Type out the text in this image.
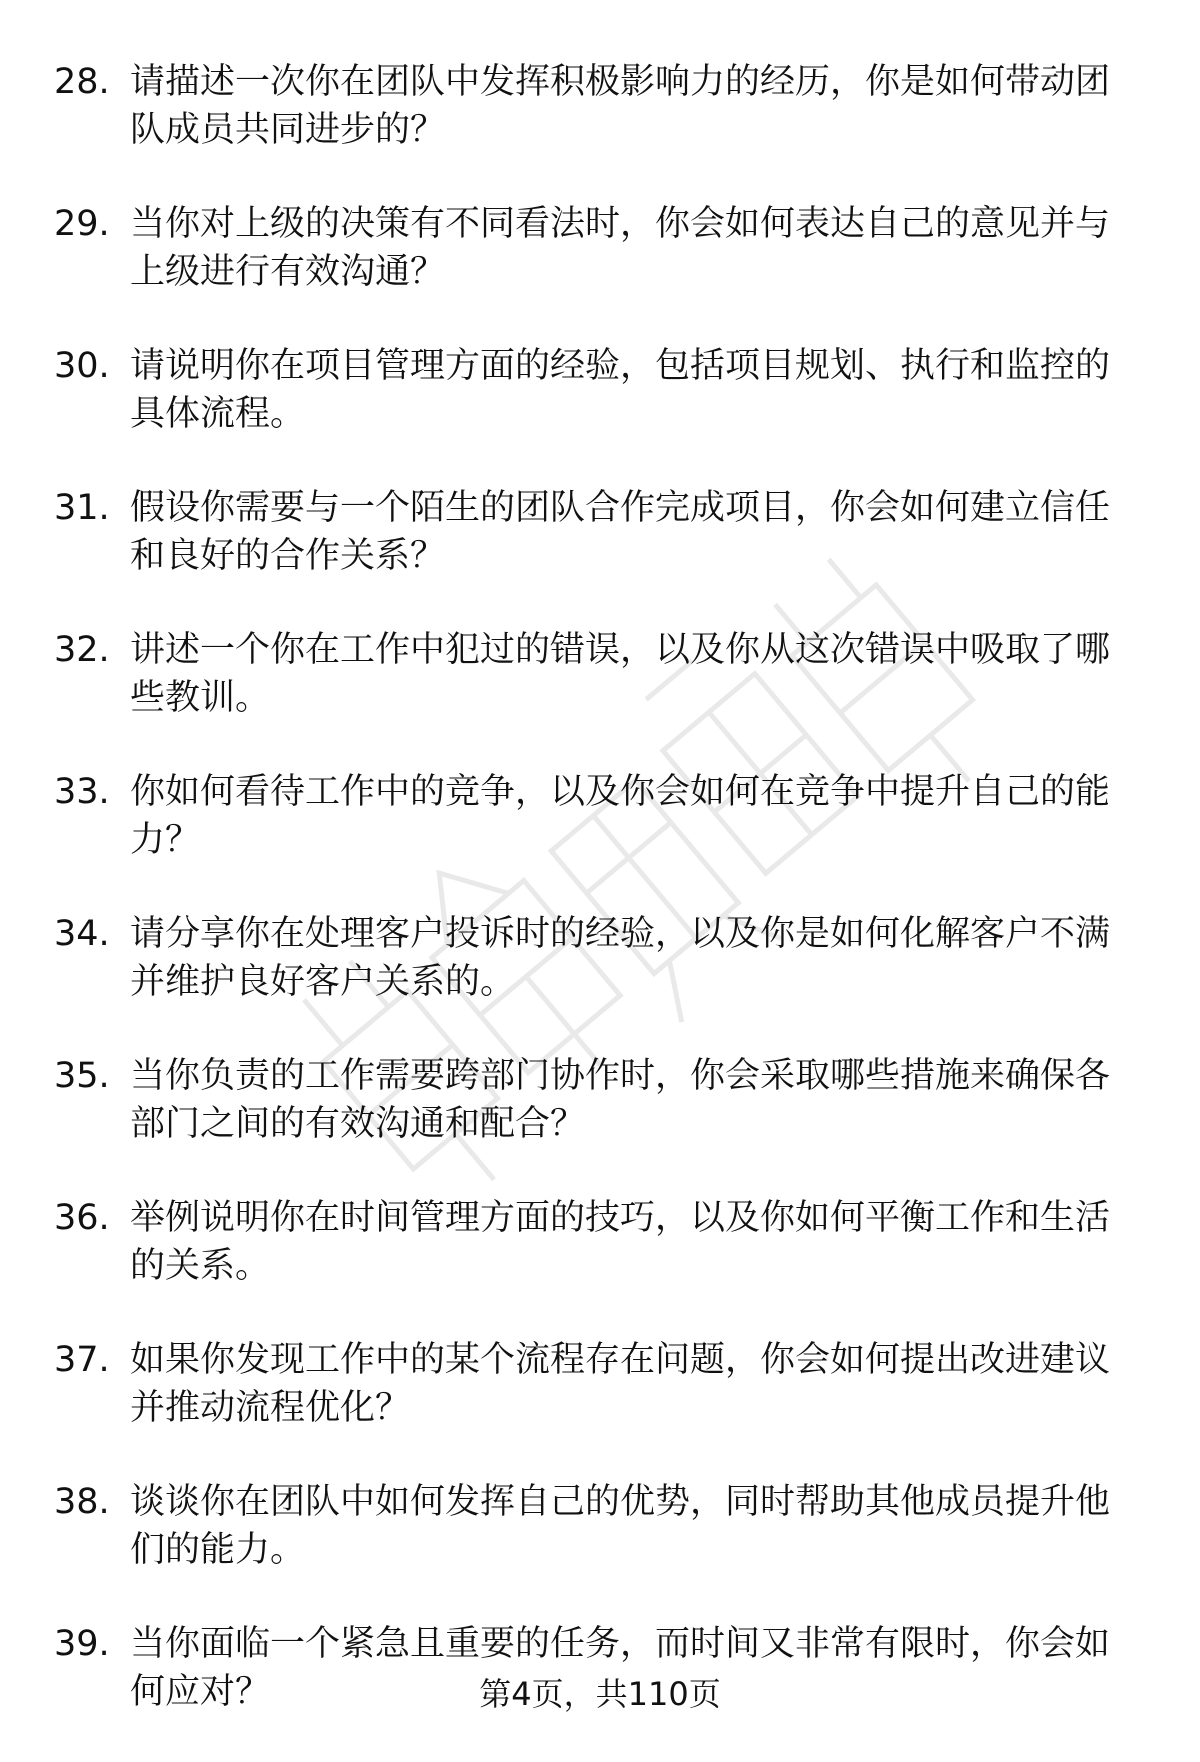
28. 请描述一次你在团队中发挥积极影响力的经历，你是如何带动团队成员共同进步的？
29. 当你对上级的决策有不同看法时，你会如何表达自己的意见并与上级进行有效沟通？
30. 请说明你在项目管理方面的经验，包括项目规划、执行和监控的具体流程。
31. 假设你需要与一个陌生的团队合作完成项目，你会如何建立信任和良好的合作关系？
32. 讲述一个你在工作中犯过的错误，以及你从这次错误中吸取了哪些教训。
33. 你如何看待工作中的竞争，以及你会如何在竞争中提升自己的能力？
34. 请分享你在处理客户投诉时的经验，以及你是如何化解客户不满并维护良好客户关系的。
35. 当你负责的工作需要跨部门协作时，你会采取哪些措施来确保各部门之间的有效沟通和配合？
36. 举例说明你在时间管理方面的技巧，以及你如何平衡工作和生活的关系。
37. 如果你发现工作中的某个流程存在问题，你会如何提出改进建议并推动流程优化？
38. 谈谈你在团队中如何发挥自己的优势，同时帮助其他成员提升他们的能力。
39. 当你面临一个紧急且重要的任务，而时间又非常有限时，你会如何应对？	第4页，共110页
